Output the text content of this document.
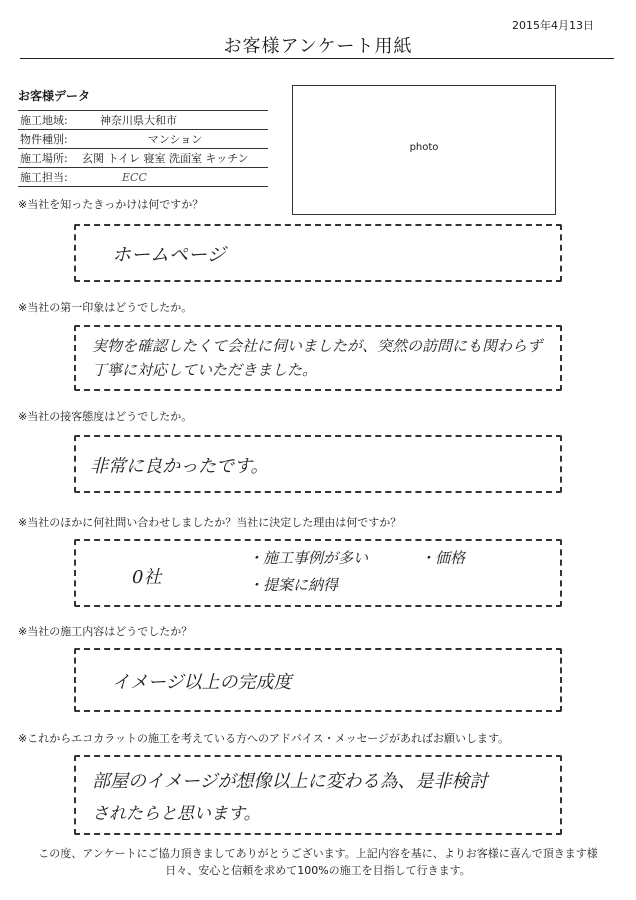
2015年4月13日
お客様アンケート用紙
お客様データ
施工地域:	神奈川県大和市
物件種別:	マンション
施工場所:	玄関 トイレ 寝室 洗面室 キッチン
施工担当:	ECC
photo
※当社を知ったきっかけは何ですか？
ホームページ
※当社の第一印象はどうでしたか。
実物を確認したくて会社に伺いましたが、突然の訪問にも関わらず
丁寧に対応していただきました。
※当社の接客態度はどうでしたか。
非常に良かったです。
※当社のほかに何社問い合わせしましたか？当社に決定した理由は何ですか？
0社
・施工事例が多い	・価格
・提案に納得
※当社の施工内容はどうでしたか？
イメージ以上の完成度
※これからエコカラットの施工を考えている方へのアドバイス・メッセージがあればお願いします。
部屋のイメージが想像以上に変わる為、是非検討
されたらと思います。
この度、アンケートにご協力頂きましてありがとうございます。上記内容を基に、よりお客様に喜んで頂きます様
日々、安心と信頼を求めて100%の施工を目指して行きます。
